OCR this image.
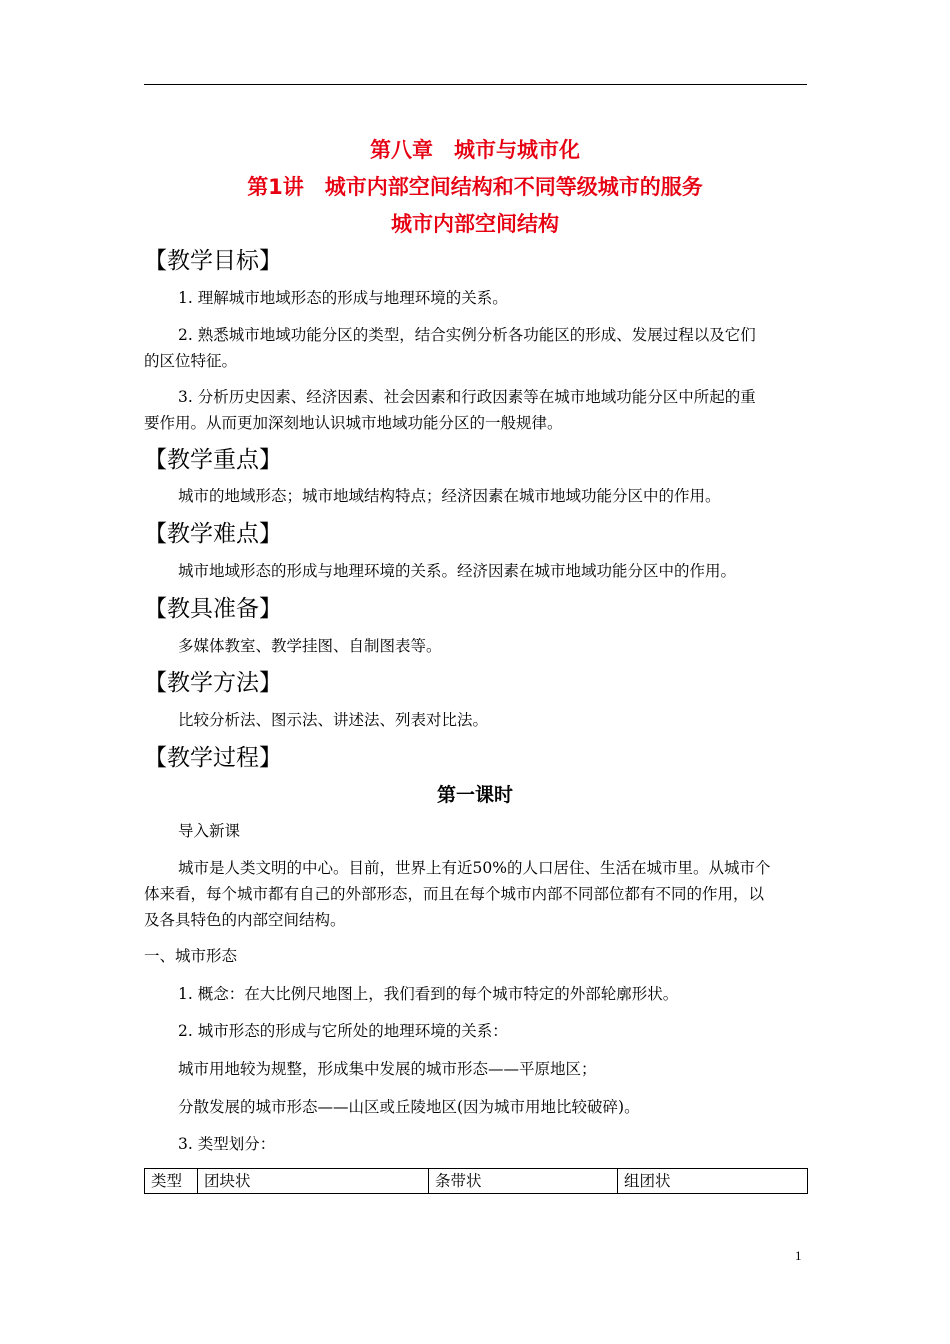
第八章　城市与城市化
第1讲　城市内部空间结构和不同等级城市的服务
城市内部空间结构
【教学目标】
1. 理解城市地域形态的形成与地理环境的关系。
2. 熟悉城市地域功能分区的类型，结合实例分析各功能区的形成、发展过程以及它们
的区位特征。
3. 分析历史因素、经济因素、社会因素和行政因素等在城市地域功能分区中所起的重
要作用。从而更加深刻地认识城市地域功能分区的一般规律。
【教学重点】
城市的地域形态；城市地域结构特点；经济因素在城市地域功能分区中的作用。
【教学难点】
城市地域形态的形成与地理环境的关系。经济因素在城市地域功能分区中的作用。
【教具准备】
多媒体教室、教学挂图、自制图表等。
【教学方法】
比较分析法、图示法、讲述法、列表对比法。
【教学过程】
第一课时
导入新课
城市是人类文明的中心。目前，世界上有近50%的人口居住、生活在城市里。从城市个
体来看，每个城市都有自己的外部形态，而且在每个城市内部不同部位都有不同的作用，以
及各具特色的内部空间结构。
一、城市形态
1. 概念：在大比例尺地图上，我们看到的每个城市特定的外部轮廓形状。
2. 城市形态的形成与它所处的地理环境的关系：
城市用地较为规整，形成集中发展的城市形态——平原地区；
分散发展的城市形态——山区或丘陵地区(因为城市用地比较破碎)。
3. 类型划分：
类型	团块状	条带状	组团状
1
